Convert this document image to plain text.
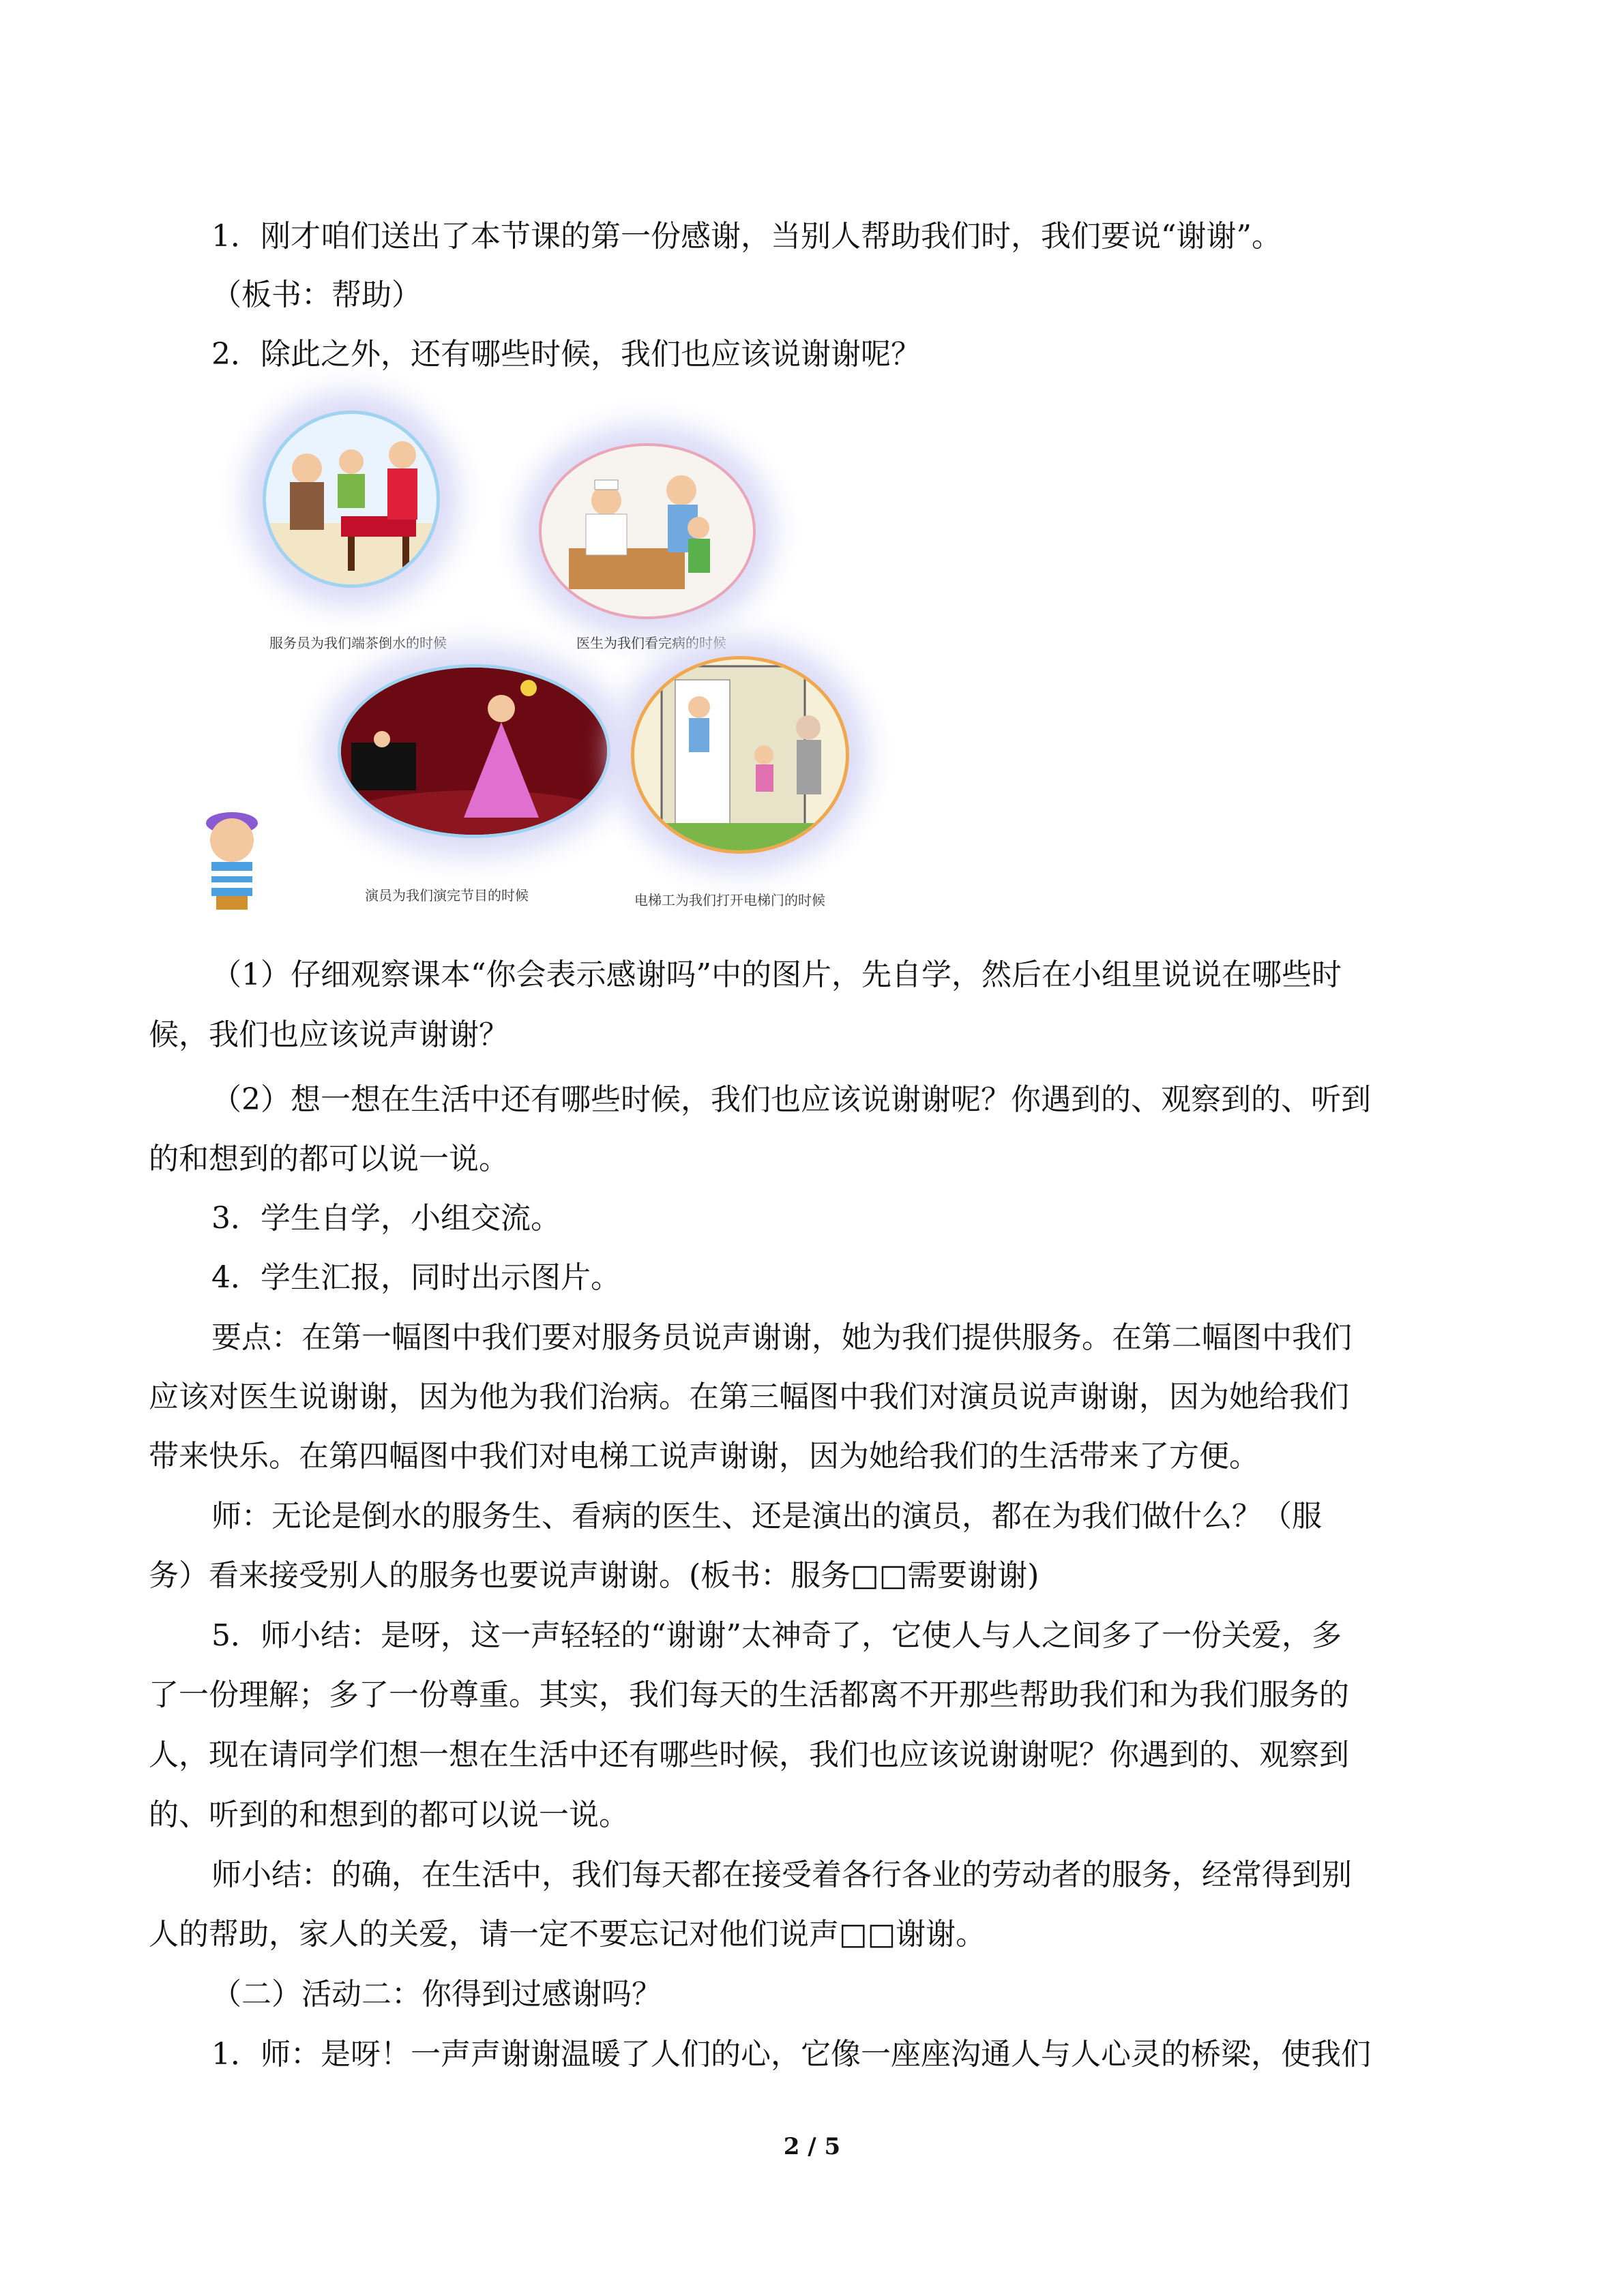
1．刚才咱们送出了本节课的第一份感谢，当别人帮助我们时，我们要说“谢谢”。
（板书：帮助）
2．除此之外，还有哪些时候，我们也应该说谢谢呢？
服务员为我们端茶倒水的时候	医生为我们看完病的时候
演员为我们演完节目的时候	电梯工为我们打开电梯门的时候
（1）仔细观察课本“你会表示感谢吗”中的图片，先自学，然后在小组里说说在哪些时
候，我们也应该说声谢谢？
（2）想一想在生活中还有哪些时候，我们也应该说谢谢呢？你遇到的、观察到的、听到
的和想到的都可以说一说。
3．学生自学，小组交流。
4．学生汇报，同时出示图片。
要点：在第一幅图中我们要对服务员说声谢谢，她为我们提供服务。在第二幅图中我们
应该对医生说谢谢，因为他为我们治病。在第三幅图中我们对演员说声谢谢，因为她给我们
带来快乐。在第四幅图中我们对电梯工说声谢谢，因为她给我们的生活带来了方便。
师：无论是倒水的服务生、看病的医生、还是演出的演员，都在为我们做什么？（服
务）看来接受别人的服务也要说声谢谢。(板书：服务□□需要谢谢)
5．师小结：是呀，这一声轻轻的“谢谢”太神奇了，它使人与人之间多了一份关爱，多
了一份理解；多了一份尊重。其实，我们每天的生活都离不开那些帮助我们和为我们服务的
人，现在请同学们想一想在生活中还有哪些时候，我们也应该说谢谢呢？你遇到的、观察到
的、听到的和想到的都可以说一说。
师小结：的确，在生活中，我们每天都在接受着各行各业的劳动者的服务，经常得到别
人的帮助，家人的关爱，请一定不要忘记对他们说声□□谢谢。
（二）活动二：你得到过感谢吗？
1．师：是呀！一声声谢谢温暖了人们的心，它像一座座沟通人与人心灵的桥梁，使我们
2 / 5
